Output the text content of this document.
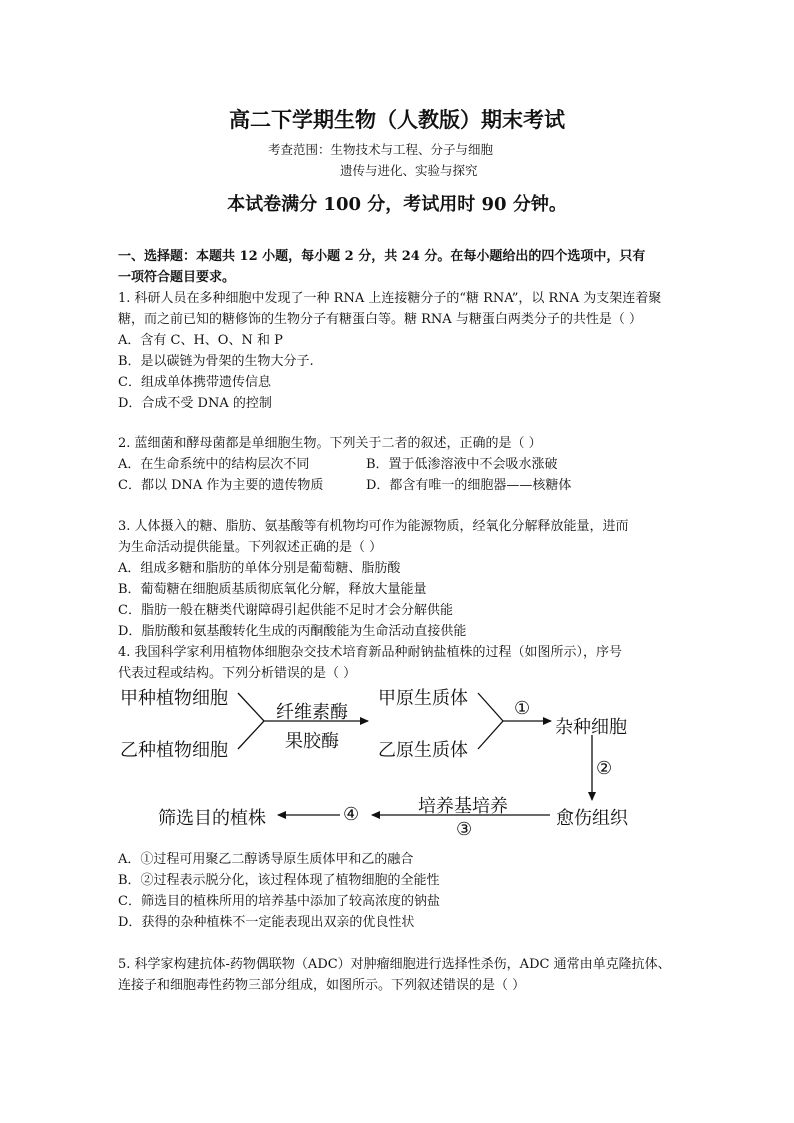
高二下学期生物（人教版）期末考试
考查范围：生物技术与工程、分子与细胞
遗传与进化、实验与探究
本试卷满分 100 分，考试用时 90 分钟。
一、选择题：本题共 12 小题，每小题 2 分，共 24 分。在每小题给出的四个选项中，只有
一项符合题目要求。
1. 科研人员在多种细胞中发现了一种 RNA 上连接糖分子的“糖 RNA”，以 RNA 为支架连着聚
糖，而之前已知的糖修饰的生物分子有糖蛋白等。糖 RNA 与糖蛋白两类分子的共性是（ ）
A．含有 C、H、O、N 和 P
B．是以碳链为骨架的生物大分子.
C．组成单体携带遗传信息
D．合成不受 DNA 的控制
2. 蓝细菌和酵母菌都是单细胞生物。下列关于二者的叙述，正确的是（ ）
A．在生命系统中的结构层次不同	B．置于低渗溶液中不会吸水涨破
C．都以 DNA 作为主要的遗传物质	D．都含有唯一的细胞器——核糖体
3. 人体摄入的糖、脂肪、氨基酸等有机物均可作为能源物质，经氧化分解释放能量，进而
为生命活动提供能量。下列叙述正确的是（ ）
A．组成多糖和脂肪的单体分别是葡萄糖、脂肪酸
B．葡萄糖在细胞质基质彻底氧化分解，释放大量能量
C．脂肪一般在糖类代谢障碍引起供能不足时才会分解供能
D．脂肪酸和氨基酸转化生成的丙酮酸能为生命活动直接供能
4. 我国科学家利用植物体细胞杂交技术培育新品种耐钠盐植株的过程（如图所示），序号
代表过程或结构。下列分析错误的是（ ）
甲种植物细胞
乙种植物细胞
纤维素酶
果胶酶
甲原生质体
乙原生质体
①
杂种细胞
②
愈伤组织
培养基培养
③
④
筛选目的植株
A．①过程可用聚乙二醇诱导原生质体甲和乙的融合
B．②过程表示脱分化，该过程体现了植物细胞的全能性
C．筛选目的植株所用的培养基中添加了较高浓度的钠盐
D．获得的杂种植株不一定能表现出双亲的优良性状
5. 科学家构建抗体-药物偶联物（ADC）对肿瘤细胞进行选择性杀伤，ADC 通常由单克隆抗体、
连接子和细胞毒性药物三部分组成，如图所示。下列叙述错误的是（ ）
